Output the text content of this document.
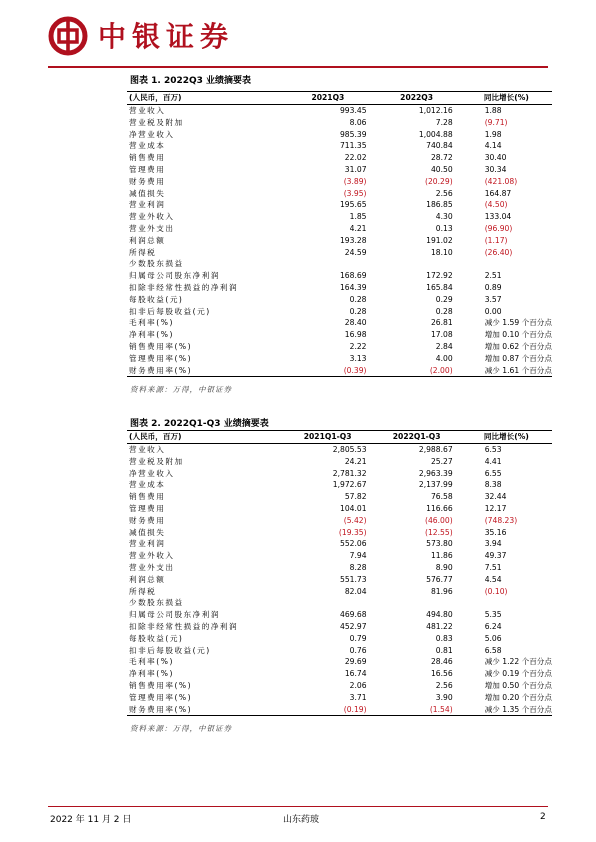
中银证券
图表 1. 2022Q3 业绩摘要表
(人民币，百万)	2021Q3	2022Q3	同比增长(%)
营业收入	993.45	1,012.16	1.88
营业税及附加	8.06	7.28	(9.71)
净营业收入	985.39	1,004.88	1.98
营业成本	711.35	740.84	4.14
销售费用	22.02	28.72	30.40
管理费用	31.07	40.50	30.34
财务费用	(3.89)	(20.29)	(421.08)
减值损失	(3.95)	2.56	164.87
营业利润	195.65	186.85	(4.50)
营业外收入	1.85	4.30	133.04
营业外支出	4.21	0.13	(96.90)
利润总额	193.28	191.02	(1.17)
所得税	24.59	18.10	(26.40)
少数股东损益			
归属母公司股东净利润	168.69	172.92	2.51
扣除非经常性损益的净利润	164.39	165.84	0.89
每股收益(元)	0.28	0.29	3.57
扣非后每股收益(元)	0.28	0.28	0.00
毛利率(%)	28.40	26.81	减少 1.59 个百分点
净利率(%)	16.98	17.08	增加 0.10 个百分点
销售费用率(%)	2.22	2.84	增加 0.62 个百分点
管理费用率(%)	3.13	4.00	增加 0.87 个百分点
财务费用率(%)	(0.39)	(2.00)	减少 1.61 个百分点
资料来源：万得，中银证券
图表 2. 2022Q1-Q3 业绩摘要表
(人民币，百万)	2021Q1-Q3	2022Q1-Q3	同比增长(%)
营业收入	2,805.53	2,988.67	6.53
营业税及附加	24.21	25.27	4.41
净营业收入	2,781.32	2,963.39	6.55
营业成本	1,972.67	2,137.99	8.38
销售费用	57.82	76.58	32.44
管理费用	104.01	116.66	12.17
财务费用	(5.42)	(46.00)	(748.23)
减值损失	(19.35)	(12.55)	35.16
营业利润	552.06	573.80	3.94
营业外收入	7.94	11.86	49.37
营业外支出	8.28	8.90	7.51
利润总额	551.73	576.77	4.54
所得税	82.04	81.96	(0.10)
少数股东损益			
归属母公司股东净利润	469.68	494.80	5.35
扣除非经常性损益的净利润	452.97	481.22	6.24
每股收益(元)	0.79	0.83	5.06
扣非后每股收益(元)	0.76	0.81	6.58
毛利率(%)	29.69	28.46	减少 1.22 个百分点
净利率(%)	16.74	16.56	减少 0.19 个百分点
销售费用率(%)	2.06	2.56	增加 0.50 个百分点
管理费用率(%)	3.71	3.90	增加 0.20 个百分点
财务费用率(%)	(0.19)	(1.54)	减少 1.35 个百分点
资料来源：万得，中银证券
2022 年 11 月 2 日	山东药玻	2
